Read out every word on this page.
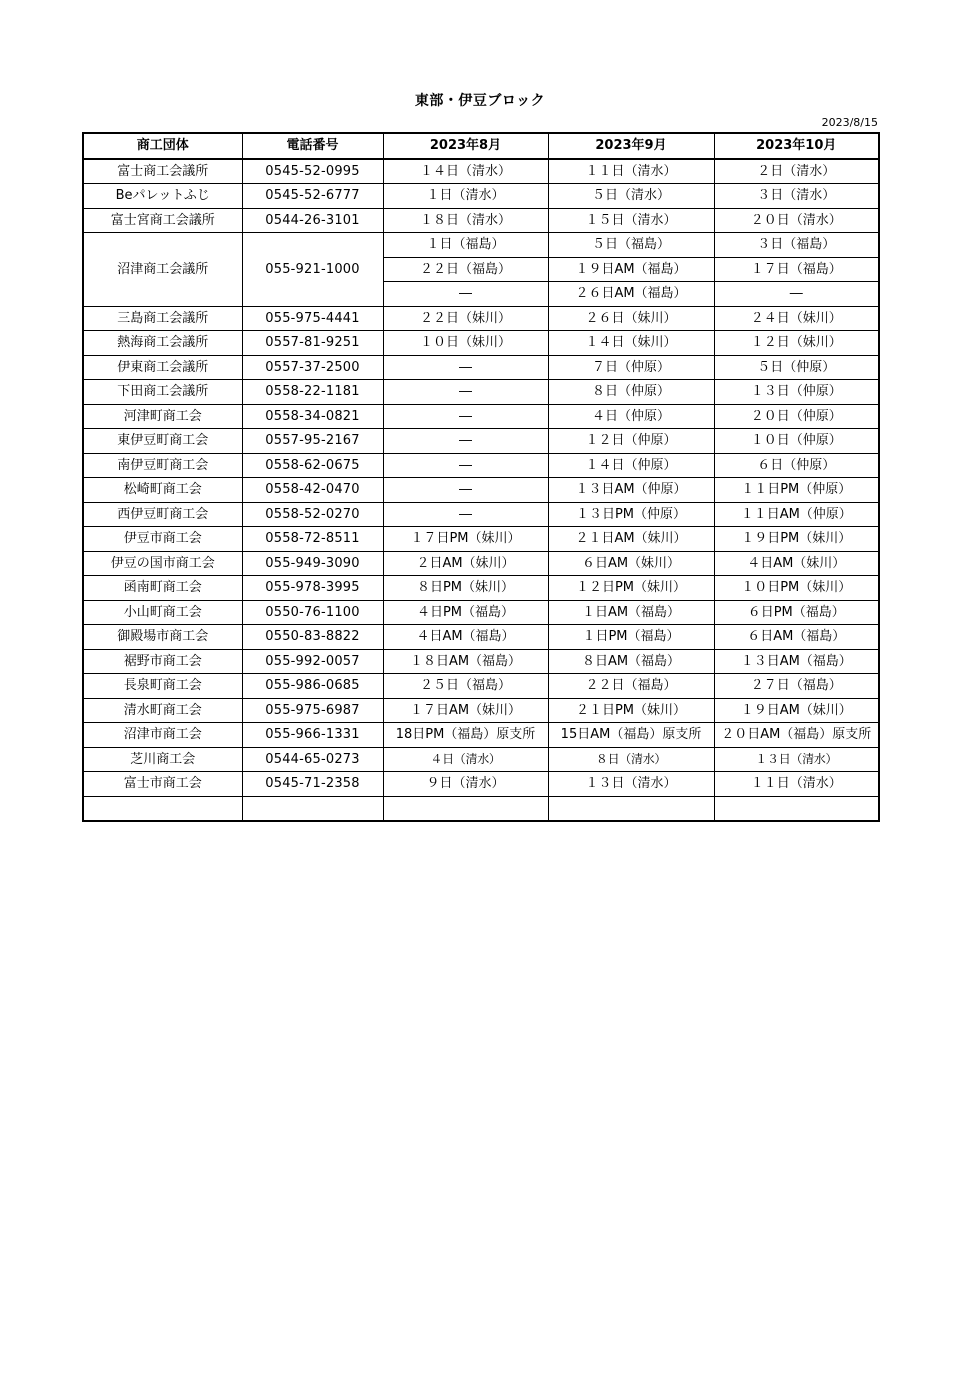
東部・伊豆ブロック
2023/8/15
商工団体	電話番号	2023年8月	2023年9月	2023年10月
富士商工会議所	0545-52-0995	１４日（清水）	１１日（清水）	２日（清水）
Beパレットふじ	0545-52-6777	１日（清水）	５日（清水）	３日（清水）
富士宮商工会議所	0544-26-3101	１８日（清水）	１５日（清水）	２０日（清水）
沼津商工会議所	055-921-1000	１日（福島）	５日（福島）	３日（福島）
		２２日（福島）	１９日AM（福島）	１７日（福島）
		―	２６日AM（福島）	―
三島商工会議所	055-975-4441	２２日（妹川）	２６日（妹川）	２４日（妹川）
熱海商工会議所	0557-81-9251	１０日（妹川）	１４日（妹川）	１２日（妹川）
伊東商工会議所	0557-37-2500	―	７日（仲原）	５日（仲原）
下田商工会議所	0558-22-1181	―	８日（仲原）	１３日（仲原）
河津町商工会	0558-34-0821	―	４日（仲原）	２０日（仲原）
東伊豆町商工会	0557-95-2167	―	１２日（仲原）	１０日（仲原）
南伊豆町商工会	0558-62-0675	―	１４日（仲原）	６日（仲原）
松崎町商工会	0558-42-0470	―	１３日AM（仲原）	１１日PM（仲原）
西伊豆町商工会	0558-52-0270	―	１３日PM（仲原）	１１日AM（仲原）
伊豆市商工会	0558-72-8511	１７日PM（妹川）	２１日AM（妹川）	１９日PM（妹川）
伊豆の国市商工会	055-949-3090	２日AM（妹川）	６日AM（妹川）	４日AM（妹川）
函南町商工会	055-978-3995	８日PM（妹川）	１２日PM（妹川）	１０日PM（妹川）
小山町商工会	0550-76-1100	４日PM（福島）	１日AM（福島）	６日PM（福島）
御殿場市商工会	0550-83-8822	４日AM（福島）	１日PM（福島）	６日AM（福島）
裾野市商工会	055-992-0057	１８日AM（福島）	８日AM（福島）	１３日AM（福島）
長泉町商工会	055-986-0685	２５日（福島）	２２日（福島）	２７日（福島）
清水町商工会	055-975-6987	１７日AM（妹川）	２１日PM（妹川）	１９日AM（妹川）
沼津市商工会	055-966-1331	18日PM（福島）原支所	15日AM（福島）原支所	２０日AM（福島）原支所
芝川商工会	0544-65-0273	４日（清水）	８日（清水）	１３日（清水）
富士市商工会	0545-71-2358	９日（清水）	１３日（清水）	１１日（清水）
